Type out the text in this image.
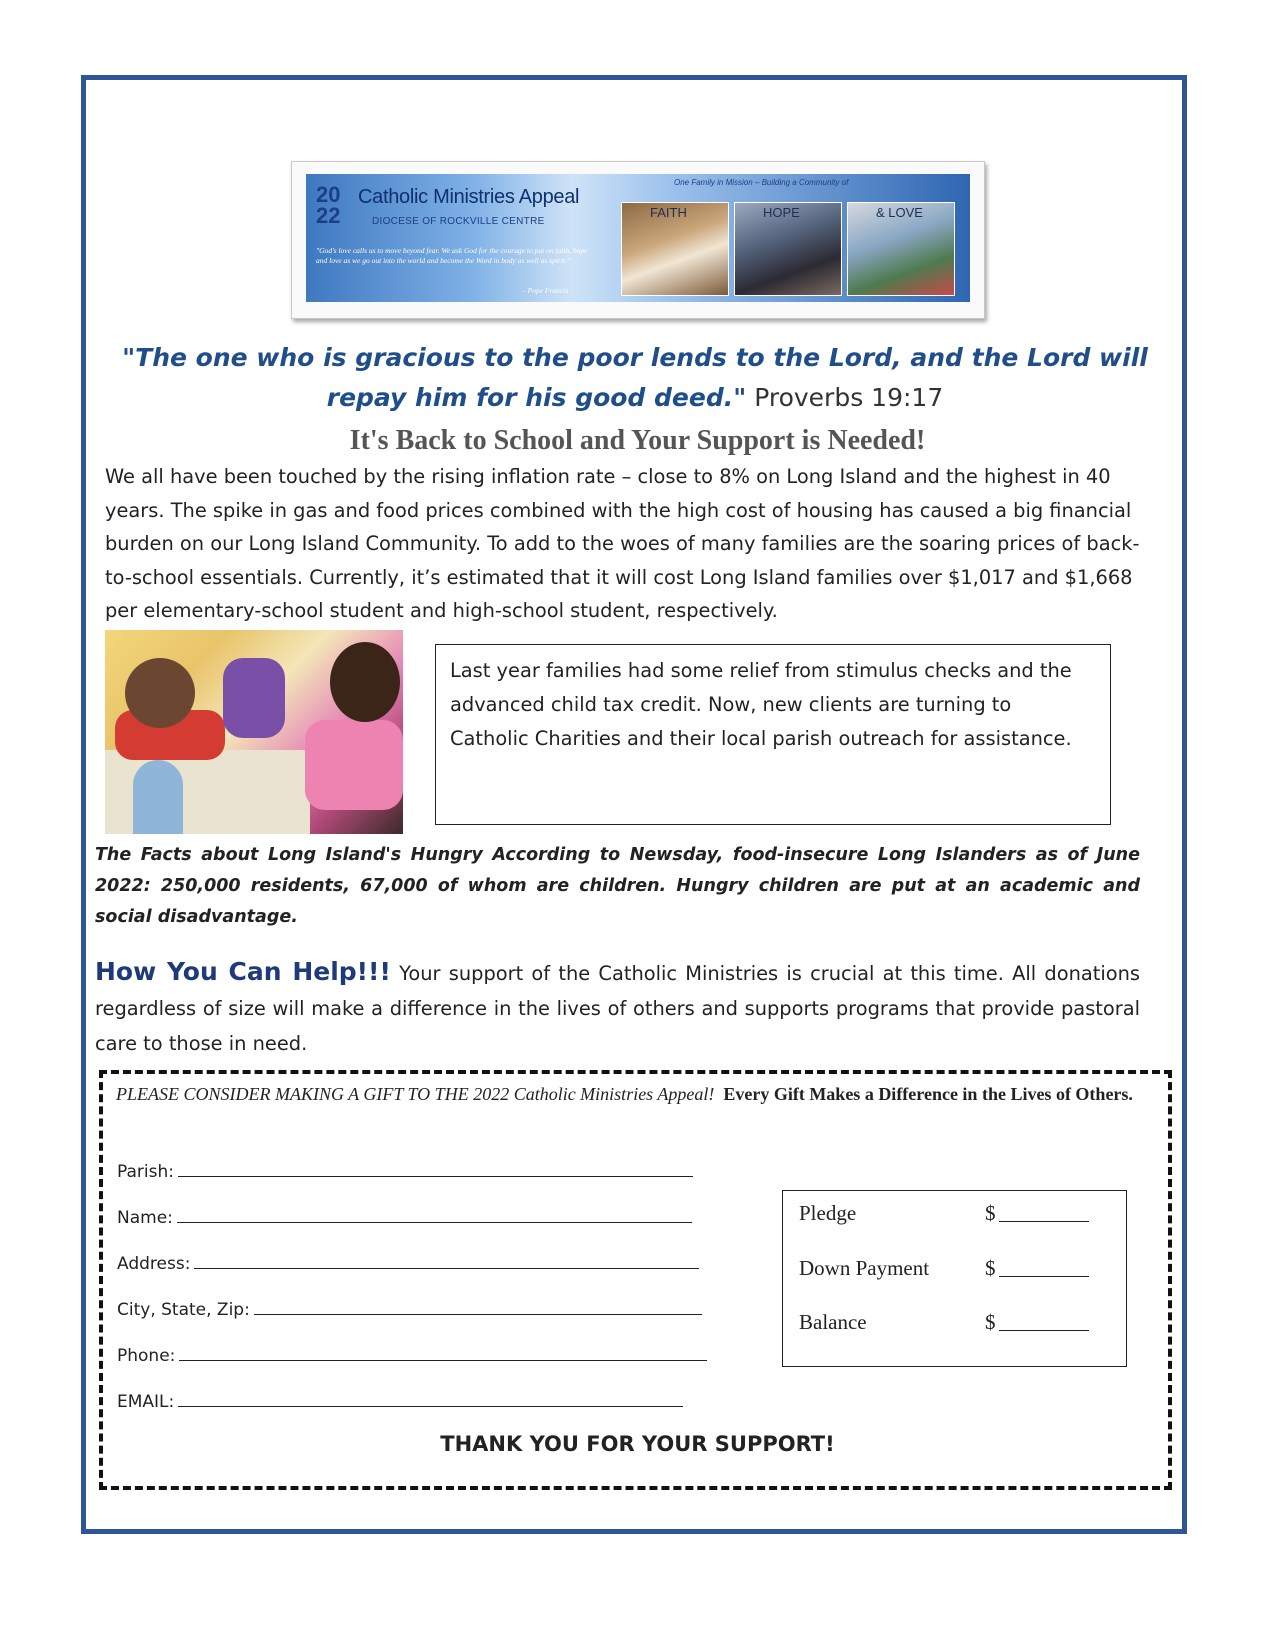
20
22
Catholic Ministries Appeal
DIOCESE OF ROCKVILLE CENTRE
"God's love calls us to move beyond fear. We ask God for the courage to put on faith, hope and love as we go out into the world and become the Word in body as well as spirit."
– Pope Francis
One Family in Mission – Building a Community of
FAITH	HOPE	& LOVE
"The one who is gracious to the poor lends to the Lord, and the Lord will repay him for his good deed." Proverbs 19:17
It's Back to School and Your Support is Needed!
We all have been touched by the rising inflation rate – close to 8% on Long Island and the highest in 40 years. The spike in gas and food prices combined with the high cost of housing has caused a big financial burden on our Long Island Community. To add to the woes of many families are the soaring prices of back-to-school essentials. Currently, it’s estimated that it will cost Long Island families over $1,017 and $1,668 per elementary-school student and high-school student, respectively.
Last year families had some relief from stimulus checks and the advanced child tax credit. Now, new clients are turning to Catholic Charities and their local parish outreach for assistance.
The Facts about Long Island's Hungry According to Newsday, food-insecure Long Islanders as of June 2022: 250,000 residents, 67,000 of whom are children. Hungry children are put at an academic and social disadvantage.
How You Can Help!!! Your support of the Catholic Ministries is crucial at this time. All donations regardless of size will make a difference in the lives of others and supports programs that provide pastoral care to those in need.
PLEASE CONSIDER MAKING A GIFT TO THE 2022 Catholic Ministries Appeal! Every Gift Makes a Difference in the Lives of Others.
Parish:
Name:
Address:
City, State, Zip:
Phone:
EMAIL:
Pledge	$
Down Payment	$
Balance	$
THANK YOU FOR YOUR SUPPORT!
